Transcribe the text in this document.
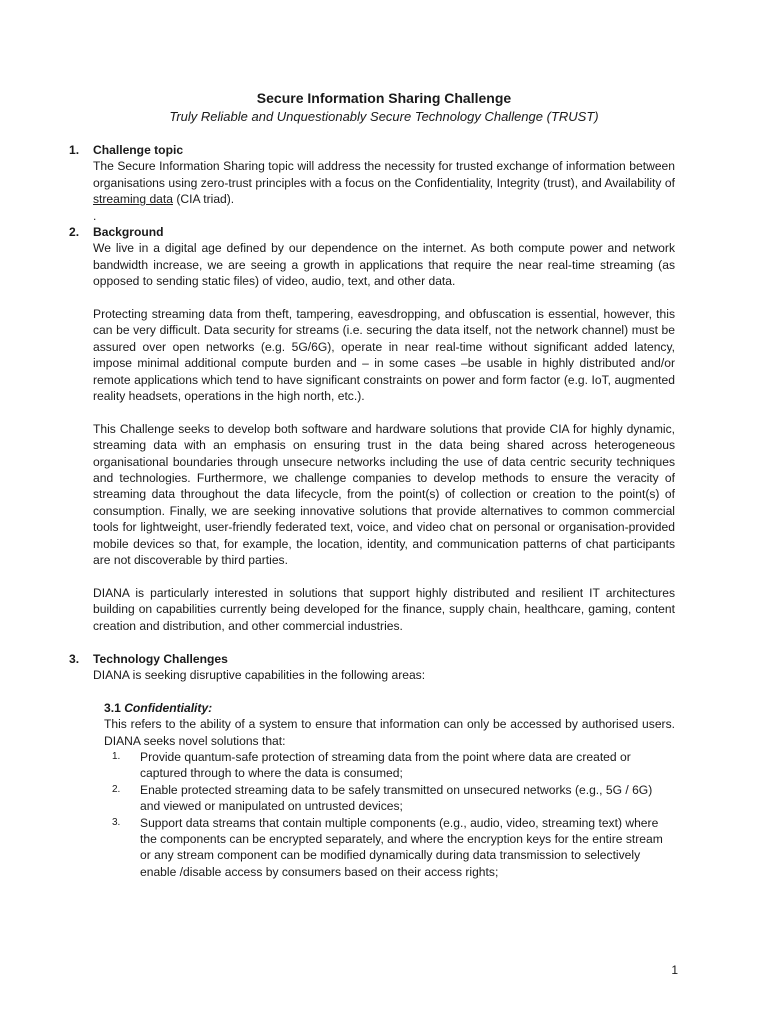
Secure Information Sharing Challenge
Truly Reliable and Unquestionably Secure Technology Challenge (TRUST)
1.	Challenge topic
The Secure Information Sharing topic will address the necessity for trusted exchange of information between organisations using zero-trust principles with a focus on the Confidentiality, Integrity (trust), and Availability of streaming data (CIA triad).
.
2.	Background
We live in a digital age defined by our dependence on the internet. As both compute power and network bandwidth increase, we are seeing a growth in applications that require the near real-time streaming (as opposed to sending static files) of video, audio, text, and other data.
Protecting streaming data from theft, tampering, eavesdropping, and obfuscation is essential, however, this can be very difficult. Data security for streams (i.e. securing the data itself, not the network channel) must be assured over open networks (e.g. 5G/6G), operate in near real-time without significant added latency, impose minimal additional compute burden and – in some cases –be usable in highly distributed and/or remote applications which tend to have significant constraints on power and form factor (e.g. IoT, augmented reality headsets, operations in the high north, etc.).
This Challenge seeks to develop both software and hardware solutions that provide CIA for highly dynamic, streaming data with an emphasis on ensuring trust in the data being shared across heterogeneous organisational boundaries through unsecure networks including the use of data centric security techniques and technologies. Furthermore, we challenge companies to develop methods to ensure the veracity of streaming data throughout the data lifecycle, from the point(s) of collection or creation to the point(s) of consumption. Finally, we are seeking innovative solutions that provide alternatives to common commercial tools for lightweight, user-friendly federated text, voice, and video chat on personal or organisation-provided mobile devices so that, for example, the location, identity, and communication patterns of chat participants are not discoverable by third parties.
DIANA is particularly interested in solutions that support highly distributed and resilient IT architectures building on capabilities currently being developed for the finance, supply chain, healthcare, gaming, content creation and distribution, and other commercial industries.
3.	Technology Challenges
DIANA is seeking disruptive capabilities in the following areas:
3.1 Confidentiality:
This refers to the ability of a system to ensure that information can only be accessed by authorised users. DIANA seeks novel solutions that:
1.	Provide quantum-safe protection of streaming data from the point where data are created or captured through to where the data is consumed;
2.	Enable protected streaming data to be safely transmitted on unsecured networks (e.g., 5G / 6G) and viewed or manipulated on untrusted devices;
3.	Support data streams that contain multiple components (e.g., audio, video, streaming text) where the components can be encrypted separately, and where the encryption keys for the entire stream or any stream component can be modified dynamically during data transmission to selectively enable /disable access by consumers based on their access rights;
1
